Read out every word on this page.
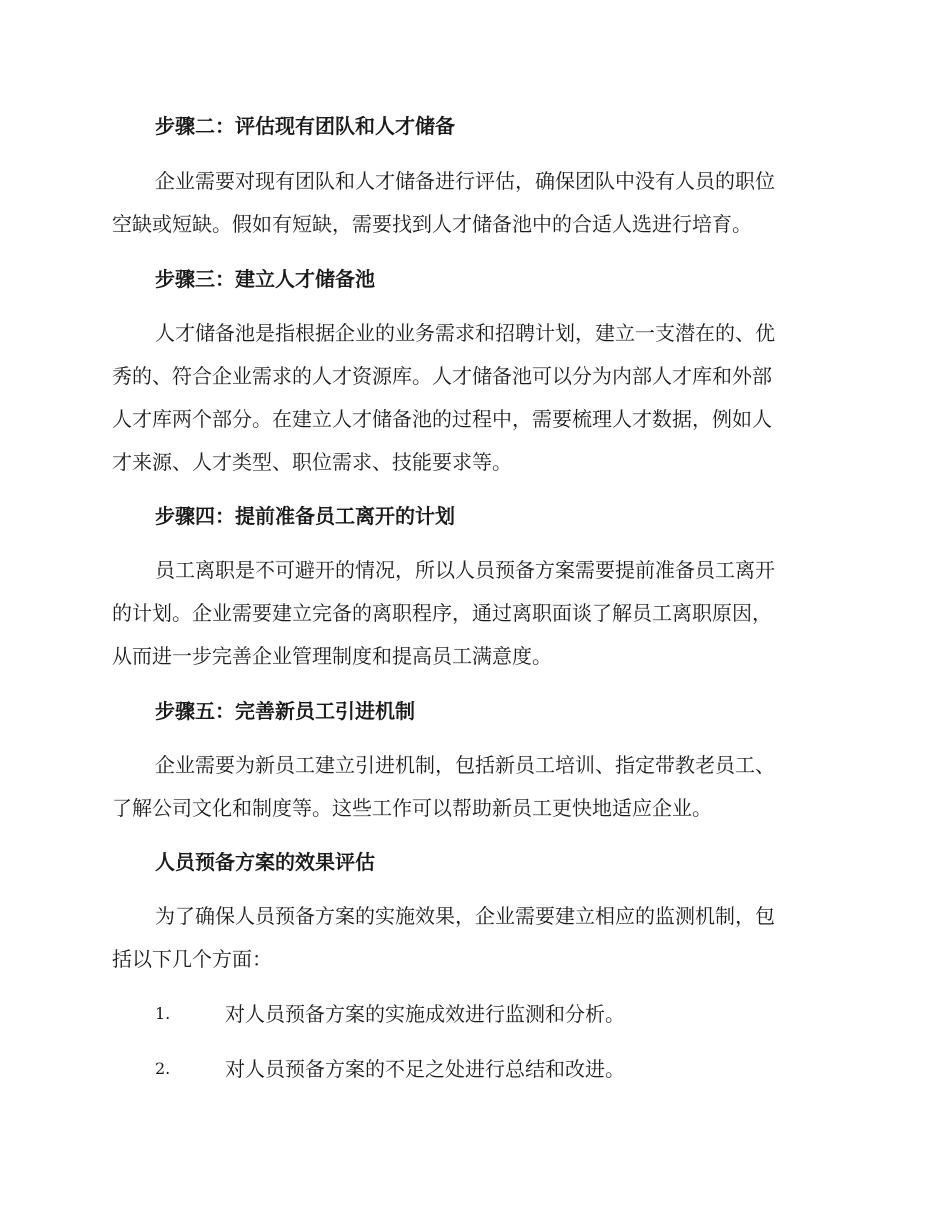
步骤二：评估现有团队和人才储备
企业需要对现有团队和人才储备进行评估，确保团队中没有人员的职位
空缺或短缺。假如有短缺，需要找到人才储备池中的合适人选进行培育。
步骤三：建立人才储备池
人才储备池是指根据企业的业务需求和招聘计划，建立一支潜在的、优
秀的、符合企业需求的人才资源库。人才储备池可以分为内部人才库和外部
人才库两个部分。在建立人才储备池的过程中，需要梳理人才数据，例如人
才来源、人才类型、职位需求、技能要求等。
步骤四：提前准备员工离开的计划
员工离职是不可避开的情况，所以人员预备方案需要提前准备员工离开
的计划。企业需要建立完备的离职程序，通过离职面谈了解员工离职原因，
从而进一步完善企业管理制度和提高员工满意度。
步骤五：完善新员工引进机制
企业需要为新员工建立引进机制，包括新员工培训、指定带教老员工、
了解公司文化和制度等。这些工作可以帮助新员工更快地适应企业。
人员预备方案的效果评估
为了确保人员预备方案的实施效果，企业需要建立相应的监测机制，包
括以下几个方面：
1.	对人员预备方案的实施成效进行监测和分析。
2.	对人员预备方案的不足之处进行总结和改进。
